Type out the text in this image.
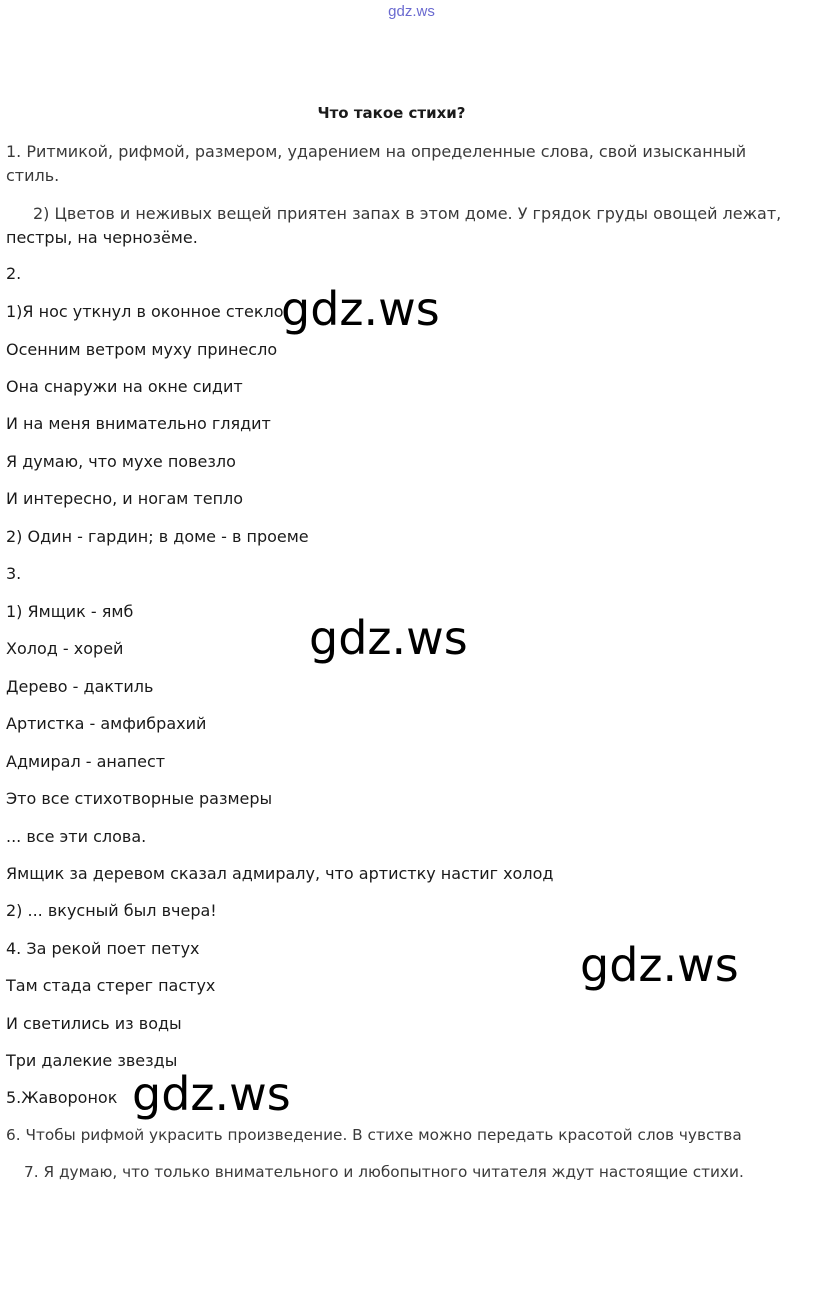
gdz.ws
Что такое стихи?
1. Ритмикой, рифмой, размером, ударением на определенные слова, свой изысканный
стиль.
2) Цветов и неживых вещей приятен запах в этом доме. У грядок груды овощей лежат,
пестры, на чернозёме.
2.
1)Я нос уткнул в оконное стекло
Осенним ветром муху принесло
Она снаружи на окне сидит
И на меня внимательно глядит
Я думаю, что мухе повезло
И интересно, и ногам тепло
2) Один - гардин; в доме - в проеме
3.
1) Ямщик - ямб
Холод - хорей
Дерево - дактиль
Артистка - амфибрахий
Адмирал - анапест
Это все стихотворные размеры
... все эти слова.
Ямщик за деревом сказал адмиралу, что артистку настиг холод
2) ... вкусный был вчера!
4. За рекой поет петух
Там стада стерег пастух
И светились из воды
Три далекие звезды
5.Жаворонок
6. Чтобы рифмой украсить произведение. В стихе можно передать красотой слов чувства
7. Я думаю, что только внимательного и любопытного читателя ждут настоящие стихи.
gdz.ws
gdz.ws
gdz.ws
gdz.ws
